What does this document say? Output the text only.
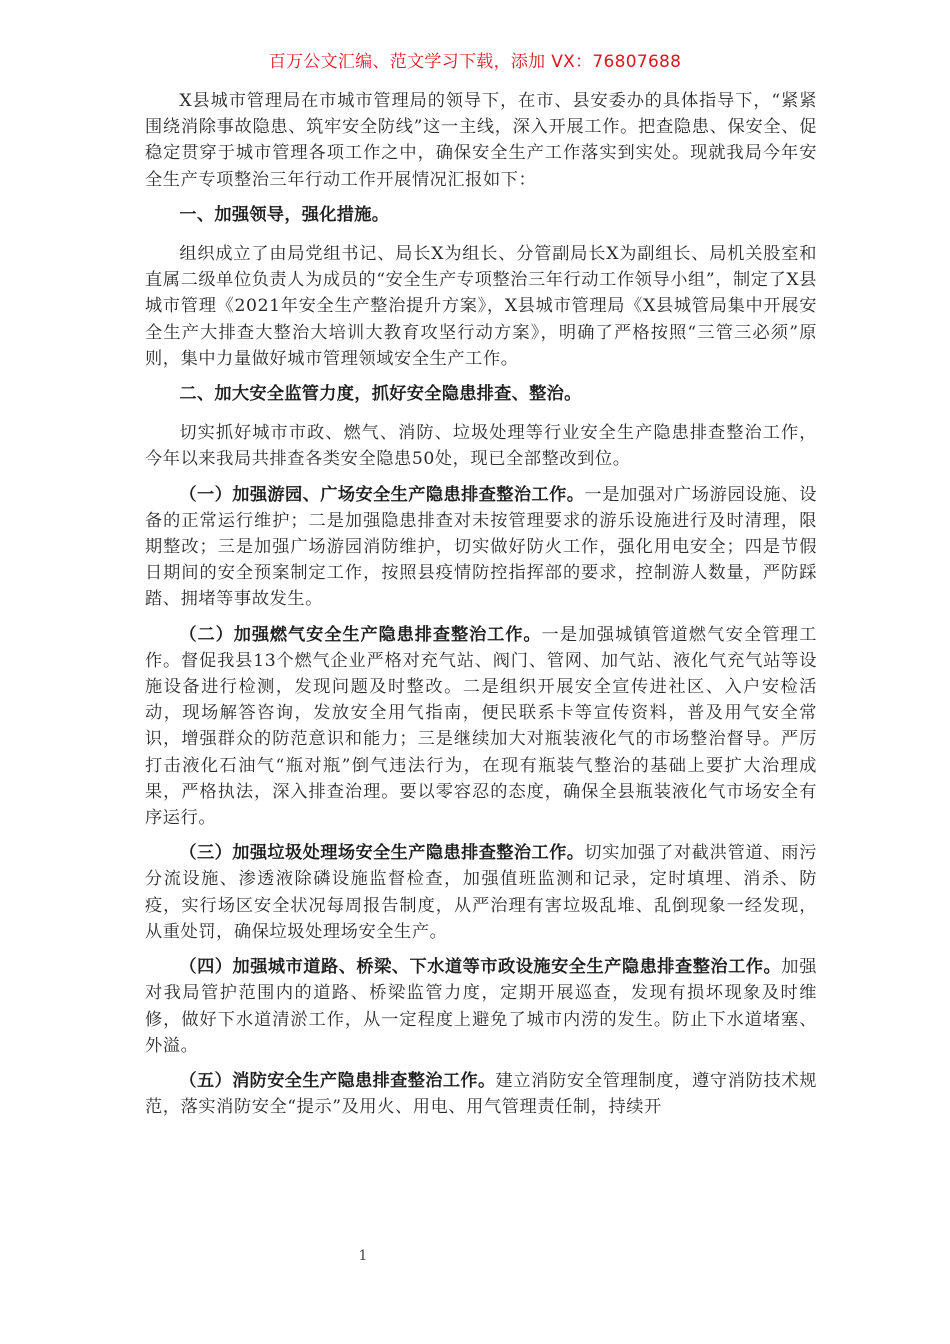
百万公文汇编、范文学习下载，添加 VX：76807688

X县城市管理局在市城市管理局的领导下，在市、县安委办的具体指导下，“紧紧围绕消除事故隐患、筑牢安全防线”这一主线，深入开展工作。把查隐患、保安全、促稳定贯穿于城市管理各项工作之中，确保安全生产工作落实到实处。现就我局今年安全生产专项整治三年行动工作开展情况汇报如下：

一、加强领导，强化措施。

组织成立了由局党组书记、局长X为组长、分管副局长X为副组长、局机关股室和直属二级单位负责人为成员的“安全生产专项整治三年行动工作领导小组”，制定了X县城市管理《2021年安全生产整治提升方案》，X县城市管理局《X县城管局集中开展安全生产大排查大整治大培训大教育攻坚行动方案》，明确了严格按照“三管三必须”原则，集中力量做好城市管理领域安全生产工作。

二、加大安全监管力度，抓好安全隐患排查、整治。

切实抓好城市市政、燃气、消防、垃圾处理等行业安全生产隐患排查整治工作，今年以来我局共排查各类安全隐患50处，现已全部整改到位。

（一）加强游园、广场安全生产隐患排查整治工作。一是加强对广场游园设施、设备的正常运行维护；二是加强隐患排查对未按管理要求的游乐设施进行及时清理，限期整改；三是加强广场游园消防维护，切实做好防火工作，强化用电安全；四是节假日期间的安全预案制定工作，按照县疫情防控指挥部的要求，控制游人数量，严防踩踏、拥堵等事故发生。

（二）加强燃气安全生产隐患排查整治工作。一是加强城镇管道燃气安全管理工作。督促我县13个燃气企业严格对充气站、阀门、管网、加气站、液化气充气站等设施设备进行检测，发现问题及时整改。二是组织开展安全宣传进社区、入户安检活动，现场解答咨询，发放安全用气指南，便民联系卡等宣传资料，普及用气安全常识，增强群众的防范意识和能力；三是继续加大对瓶装液化气的市场整治督导。严厉打击液化石油气“瓶对瓶”倒气违法行为，在现有瓶装气整治的基础上要扩大治理成果，严格执法，深入排查治理。要以零容忍的态度，确保全县瓶装液化气市场安全有序运行。

（三）加强垃圾处理场安全生产隐患排查整治工作。切实加强了对截洪管道、雨污分流设施、渗透液除磷设施监督检查，加强值班监测和记录，定时填埋、消杀、防疫，实行场区安全状况每周报告制度，从严治理有害垃圾乱堆、乱倒现象一经发现，从重处罚，确保垃圾处理场安全生产。

（四）加强城市道路、桥梁、下水道等市政设施安全生产隐患排查整治工作。加强对我局管护范围内的道路、桥梁监管力度，定期开展巡查，发现有损坏现象及时维修，做好下水道清淤工作，从一定程度上避免了城市内涝的发生。防止下水道堵塞、外溢。

（五）消防安全生产隐患排查整治工作。建立消防安全管理制度，遵守消防技术规范，落实消防安全“提示”及用火、用电、用气管理责任制，持续开

1
